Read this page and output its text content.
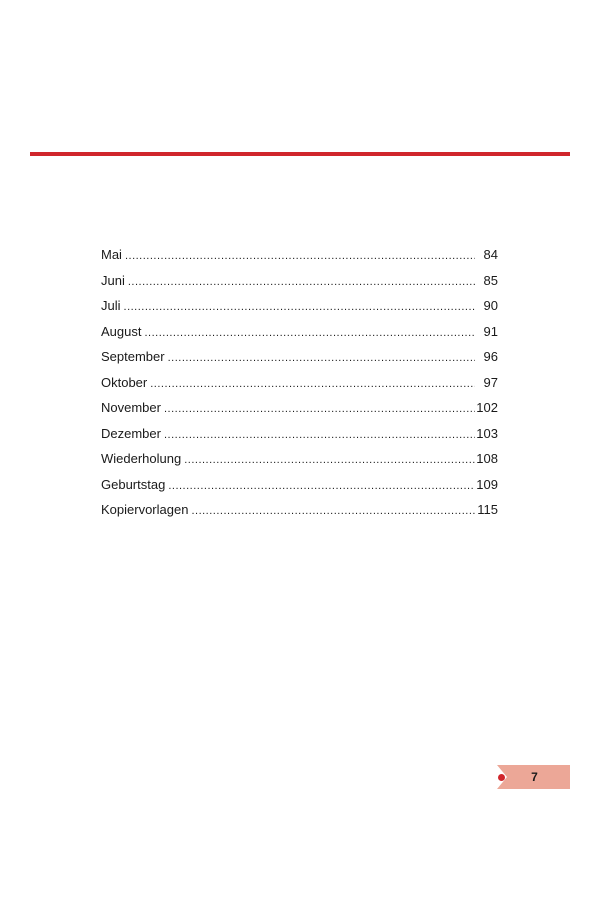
Mai .....	84
Juni .....	85
Juli .....	90
August .....	91
September .....	96
Oktober .....	97
November .....	102
Dezember .....	103
Wiederholung .....	108
Geburtstag .....	109
Kopiervorlagen .....	115
7
